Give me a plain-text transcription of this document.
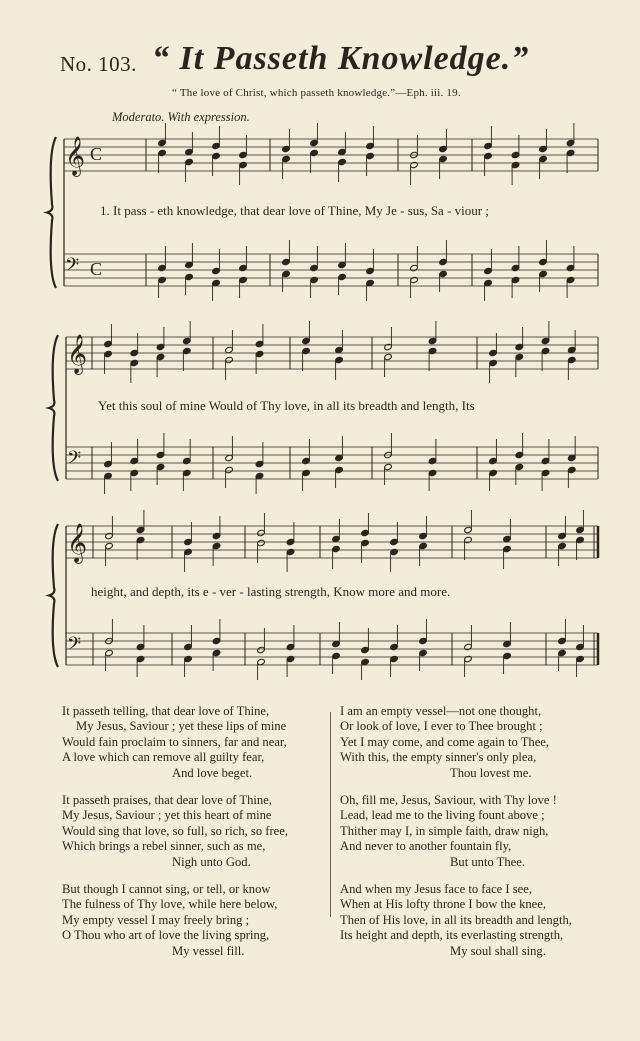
No. 103. “ It Passeth Knowledge.”
“ The love of Christ, which passeth knowledge.”—Eph. iii. 19.
Moderato. With expression.
𝄞 C
𝄢 C
𝄞
𝄢
𝄞
𝄢
1. It pass - eth knowledge, that dear love of Thine, My Je - sus, Sa - viour ;
Yet this soul of mine Would of Thy love, in all its breadth and length, Its
height, and depth, its e - ver - lasting strength, Know more and more.
It passeth telling, that dear love of Thine,
My Jesus, Saviour ; yet these lips of mine
Would fain proclaim to sinners, far and near,
A love which can remove all guilty fear,
And love beget.
It passeth praises, that dear love of Thine,
My Jesus, Saviour ; yet this heart of mine
Would sing that love, so full, so rich, so free,
Which brings a rebel sinner, such as me,
Nigh unto God.
But though I cannot sing, or tell, or know
The fulness of Thy love, while here below,
My empty vessel I may freely bring ;
O Thou who art of love the living spring,
My vessel fill.
I am an empty vessel—not one thought,
Or look of love, I ever to Thee brought ;
Yet I may come, and come again to Thee,
With this, the empty sinner's only plea,
Thou lovest me.
Oh, fill me, Jesus, Saviour, with Thy love !
Lead, lead me to the living fount above ;
Thither may I, in simple faith, draw nigh,
And never to another fountain fly,
But unto Thee.
And when my Jesus face to face I see,
When at His lofty throne I bow the knee,
Then of His love, in all its breadth and length,
Its height and depth, its everlasting strength,
My soul shall sing.
